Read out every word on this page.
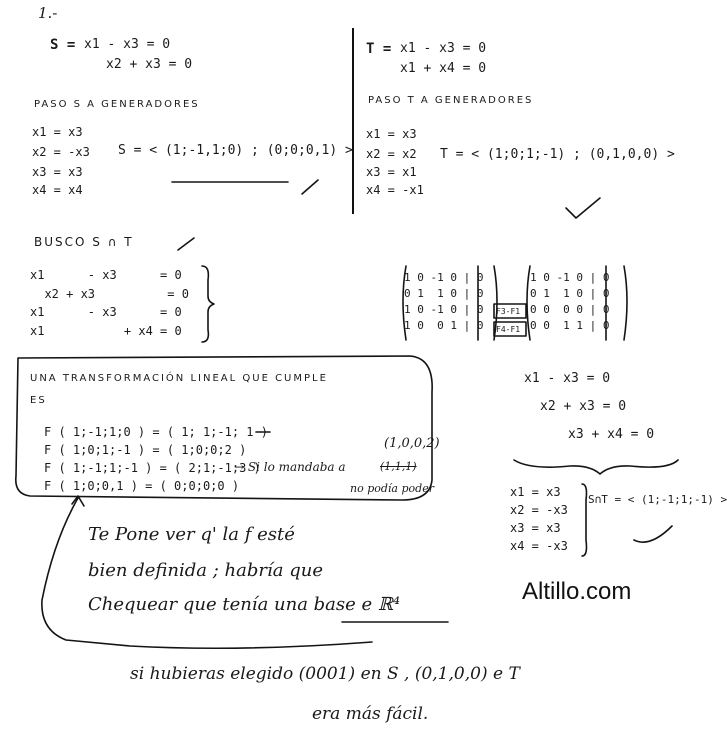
1.-
S = x1 - x3 = 0
x2 + x3 = 0
T = x1 - x3 = 0
x1 + x4 = 0
PASO S A GENERADORES
x1 = x3
x2 = -x3
x3 = x3
x4 = x4
S = < (1;-1,1;0) ; (0;0;0,1) >
PASO T A GENERADORES
x1 = x3
x2 = x2
x3 = x1
x4 = -x1
T = < (1;0;1;-1) ; (0,1,0,0) >
BUSCO S ∩ T
x1      - x3      = 0
x2 + x3          = 0
x1      - x3      = 0
x1           + x4 = 0
1 0 -1 0 | 0
0 1  1 0 | 0
1 0 -1 0 | 0
1 0  0 1 | 0
F3-F1
F4-F1
1 0 -1 0 | 0
0 1  1 0 | 0
0 0  0 0 | 0
0 0  1 1 | 0
x1 - x3 = 0
x2 + x3 = 0
x3 + x4 = 0
x1 = x3
x2 = -x3
x3 = x3
x4 = -x3
S∩T = < (1;-1;1;-1) >
UNA TRANSFORMACIÓN LINEAL QUE CUMPLE
ES
F ( 1;-1;1;0 ) = ( 1; 1;-1; 1 )
F ( 1;0;1;-1 ) = ( 1;0;0;2 )
F ( 1;-1;1;-1 ) = ( 2;1;-1;3 )
F ( 1;0;0,1 ) = ( 0;0;0;0 )
→ Si lo mandaba a
(1,0,0,2)
(1,1,1)
no podía poder
Te Pone ver q' la f esté
bien definida ; habría que
Chequear que tenía una base e ℝ⁴
si hubieras elegido (0001) en S , (0,1,0,0) e T
era más fácil.
Altillo.com
